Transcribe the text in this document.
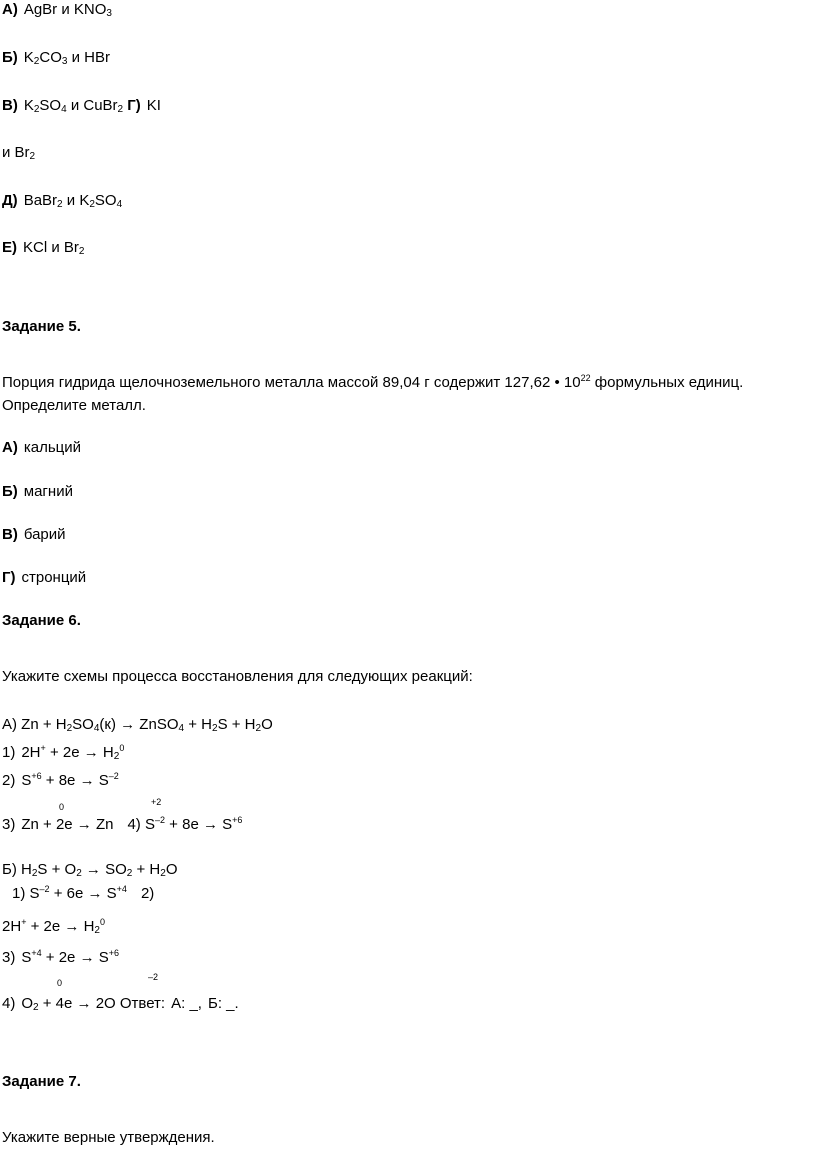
А) AgBr и $KNO_3$
Б) $K_2CO_3$ и HBr
В) $K_2SO_4$ и CuBr$_2$ Г) KI
и $Br_2$
Д) BaBr$_2$ и $K_2SO_4$
Е) KCl и $Br_2$
Задание 5.
Порция гидрида щелочноземельного металла массой 89,04 г содержит 127,62 • $10^{22}$ формульных единиц.
Определите металл.
А) кальций
Б) магний
В) барий
Г) стронций
Задание 6.
Укажите схемы процесса восстановления для следующих реакций:
А) $Zn + H_2SO_4(к)$ → ZnSO$_4$ + $H_2S + H_2O$
1) $2H^+ + 2e \to H_2^0$
2) $S^{+6} + 8e \to S^{-2}$
0	+2
3) Zn + 2e → Zn 4) $S^{-2} + 8e \to S^{+6}$
Б) $H_2S + O_2 \to SO_2 + H_2O$
1) $S^{-2} + 6e \to S^{+4}$ 2)
$2H^+ + 2e \to H_2^0$
3) $S^{+4} + 2e \to S^{+6}$
0
–2
4) $O_2 + 4e \to 2O$ Ответ: А: _, Б: _.
Задание 7.
Укажите верные утверждения.
